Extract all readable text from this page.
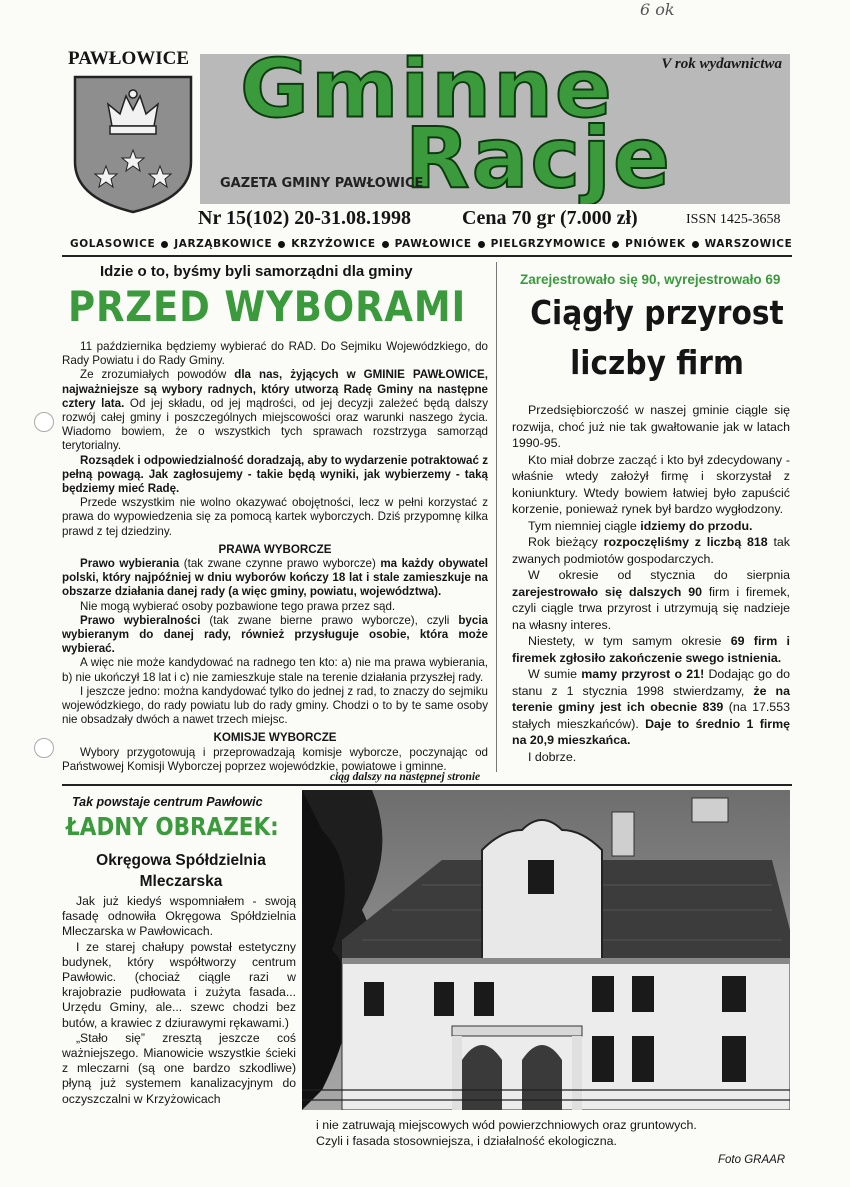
6 ok
PAWŁOWICE Gminne
Racje
V rok wydawnictwa
GAZETA GMINY PAWŁOWICE
Nr 15(102) 20-31.08.1998	Cena 70 gr (7.000 zł)	ISSN 1425-3658
GOLASOWICE JARZĄBKOWICE KRZYŻOWICE PAWŁOWICE PIELGRZYMOWICE PNIÓWEK WARSZOWICE
Idzie o to, byśmy byli samorządni dla gminy
PRZED WYBORAMI

11 października będziemy wybierać do RAD. Do Sejmiku Wojewódzkiego, do Rady Powiatu i do Rady Gminy.

Ze zrozumiałych powodów dla nas, żyjących w GMINIE PAWŁOWICE, najważniejsze są wybory radnych, który utworzą Radę Gminy na następne cztery lata. Od jej składu, od jej mądrości, od jej decyzji zależeć będą dalszy rozwój całej gminy i poszczególnych miejscowości oraz warunki naszego życia. Wiadomo bowiem, że o wszystkich tych sprawach rozstrzyga samorząd terytorialny.

Rozsądek i odpowiedzialność doradzają, aby to wydarzenie potraktować z pełną powagą. Jak zagłosujemy - takie będą wyniki, jak wybierzemy - taką będziemy mieć Radę.

Przede wszystkim nie wolno okazywać obojętności, lecz w pełni korzystać z prawa do wypowiedzenia się za pomocą kartek wyborczych. Dziś przypomnę kilka prawd z tej dziedziny.

PRAWA WYBORCZE

Prawo wybierania (tak zwane czynne prawo wyborcze) ma każdy obywatel polski, który najpóźniej w dniu wyborów kończy 18 lat i stale zamieszkuje na obszarze działania danej rady (a więc gminy, powiatu, województwa).

Nie mogą wybierać osoby pozbawione tego prawa przez sąd.

Prawo wybieralności (tak zwane bierne prawo wyborcze), czyli bycia wybieranym do danej rady, również przysługuje osobie, która może wybierać.

A więc nie może kandydować na radnego ten kto: a) nie ma prawa wybierania, b) nie ukończył 18 lat i c) nie zamieszkuje stale na terenie działania przyszłej rady.

I jeszcze jedno: można kandydować tylko do jednej z rad, to znaczy do sejmiku wojewódzkiego, do rady powiatu lub do rady gminy. Chodzi o to by te same osoby nie obsadzały dwóch a nawet trzech miejsc.

KOMISJE WYBORCZE

Wybory przygotowują i przeprowadzają komisje wyborcze, poczynając od Państwowej Komisji Wyborczej poprzez wojewódzkie, powiatowe i gminne.

ciąg dalszy na następnej stronie
Zarejestrowało się 90, wyrejestrowało 69
Ciągły przyrost
liczby firm

Przedsiębiorczość w naszej gminie ciągle się rozwija, choć już nie tak gwałtowanie jak w latach 1990-95.

Kto miał dobrze zacząć i kto był zdecydowany - właśnie wtedy założył firmę i skorzystał z koniunktury. Wtedy bowiem łatwiej było zapuścić korzenie, ponieważ rynek był bardzo wygłodzony.

Tym niemniej ciągle idziemy do przodu.

Rok bieżący rozpoczęliśmy z liczbą 818 tak zwanych podmiotów gospodarczych.

W okresie od stycznia do sierpnia zarejestrowało się dalszych 90 firm i firemek, czyli ciągle trwa przyrost i utrzymują się nadzieje na własny interes.

Niestety, w tym samym okresie 69 firm i firemek zgłosiło zakończenie swego istnienia.

W sumie mamy przyrost o 21! Dodając go do stanu z 1 stycznia 1998 stwierdzamy, że na terenie gminy jest ich obecnie 839 (na 17.553 stałych mieszkańców). Daje to średnio 1 firmę na 20,9 mieszkańca.

I dobrze.

Tak powstaje centrum Pawłowic
ŁADNY OBRAZEK:
Okręgowa Spółdzielnia
Mleczarska

Jak już kiedyś wspomniałem - swoją fasadę odnowiła Okręgowa Spółdzielnia Mleczarska w Pawłowicach.

I ze starej chałupy powstał estetyczny budynek, który współtworzy centrum Pawłowic. (chociaż ciągle razi w krajobrazie pudłowata i zużyta fasada... Urzędu Gminy, ale... szewc chodzi bez butów, a krawiec z dziurawymi rękawami.)

„Stało się” zresztą jeszcze coś ważniejszego. Mianowicie wszystkie ścieki z mleczarni (są one bardzo szkodliwe) płyną już systemem kanalizacyjnym do oczyszczalni w Krzyżowicach

i nie zatruwają miejscowych wód powierzchniowych oraz gruntowych.

Czyli i fasada stosowniejsza, i działalność ekologiczna.

Foto GRAAR
